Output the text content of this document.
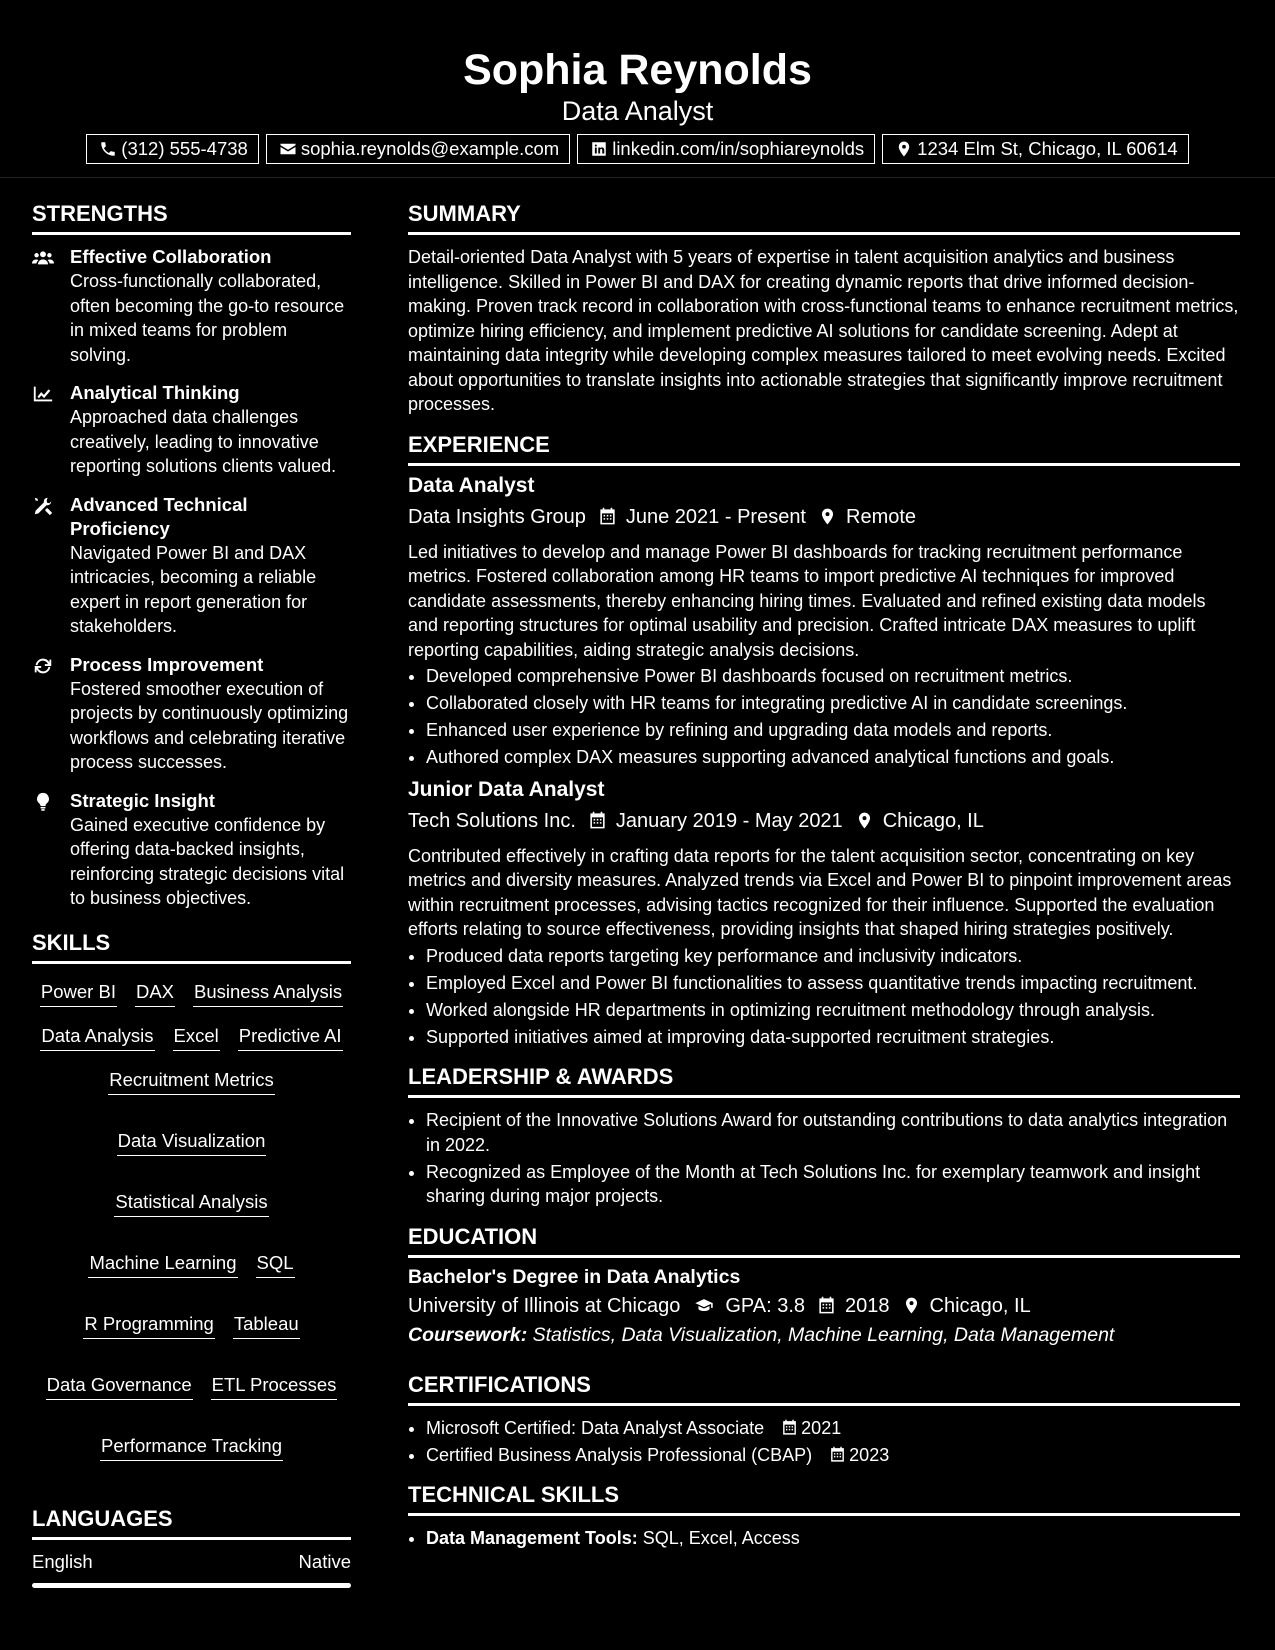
Sophia Reynolds
Data Analyst
(312) 555-4738	sophia.reynolds@example.com	linkedin.com/in/sophiareynolds	1234 Elm St, Chicago, IL 60614
STRENGTHS
Effective Collaboration
Cross-functionally collaborated, often becoming the go-to resource in mixed teams for problem solving.
Analytical Thinking
Approached data challenges creatively, leading to innovative reporting solutions clients valued.
Advanced Technical Proficiency
Navigated Power BI and DAX intricacies, becoming a reliable expert in report generation for stakeholders.
Process Improvement
Fostered smoother execution of projects by continuously optimizing workflows and celebrating iterative process successes.
Strategic Insight
Gained executive confidence by offering data-backed insights, reinforcing strategic decisions vital to business objectives.
SKILLS
Power BI DAX Business Analysis
Data Analysis Excel Predictive AI
Recruitment Metrics
Data Visualization
Statistical Analysis
Machine Learning SQL
R Programming Tableau
Data Governance ETL Processes
Performance Tracking
LANGUAGES
English	Native
SUMMARY
Detail-oriented Data Analyst with 5 years of expertise in talent acquisition analytics and business intelligence. Skilled in Power BI and DAX for creating dynamic reports that drive informed decision-making. Proven track record in collaboration with cross-functional teams to enhance recruitment metrics, optimize hiring efficiency, and implement predictive AI solutions for candidate screening. Adept at maintaining data integrity while developing complex measures tailored to meet evolving needs. Excited about opportunities to translate insights into actionable strategies that significantly improve recruitment processes.
EXPERIENCE
Data Analyst
Data Insights Group June 2021 - Present Remote
Led initiatives to develop and manage Power BI dashboards for tracking recruitment performance metrics. Fostered collaboration among HR teams to import predictive AI techniques for improved candidate assessments, thereby enhancing hiring times. Evaluated and refined existing data models and reporting structures for optimal usability and precision. Crafted intricate DAX measures to uplift reporting capabilities, aiding strategic analysis decisions.
• Developed comprehensive Power BI dashboards focused on recruitment metrics.
• Collaborated closely with HR teams for integrating predictive AI in candidate screenings.
• Enhanced user experience by refining and upgrading data models and reports.
• Authored complex DAX measures supporting advanced analytical functions and goals.
Junior Data Analyst
Tech Solutions Inc. January 2019 - May 2021 Chicago, IL
Contributed effectively in crafting data reports for the talent acquisition sector, concentrating on key metrics and diversity measures. Analyzed trends via Excel and Power BI to pinpoint improvement areas within recruitment processes, advising tactics recognized for their influence. Supported the evaluation efforts relating to source effectiveness, providing insights that shaped hiring strategies positively.
• Produced data reports targeting key performance and inclusivity indicators.
• Employed Excel and Power BI functionalities to assess quantitative trends impacting recruitment.
• Worked alongside HR departments in optimizing recruitment methodology through analysis.
• Supported initiatives aimed at improving data-supported recruitment strategies.
LEADERSHIP & AWARDS
• Recipient of the Innovative Solutions Award for outstanding contributions to data analytics integration in 2022.
• Recognized as Employee of the Month at Tech Solutions Inc. for exemplary teamwork and insight sharing during major projects.
EDUCATION
Bachelor's Degree in Data Analytics
University of Illinois at Chicago GPA: 3.8 2018 Chicago, IL
Coursework: Statistics, Data Visualization, Machine Learning, Data Management
CERTIFICATIONS
• Microsoft Certified: Data Analyst Associate 2021
• Certified Business Analysis Professional (CBAP) 2023
TECHNICAL SKILLS
• Data Management Tools: SQL, Excel, Access
